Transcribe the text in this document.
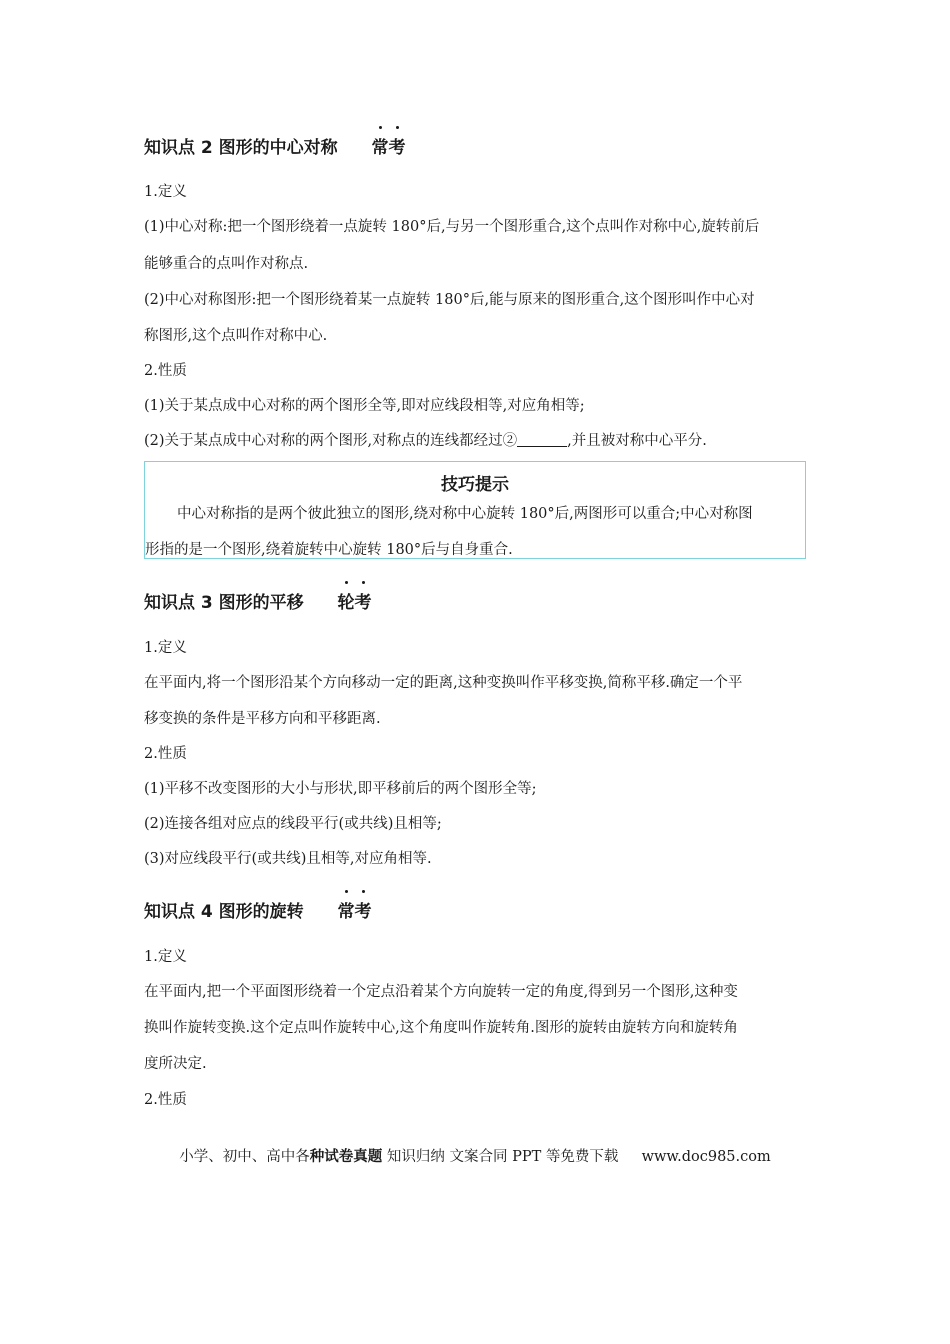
知识点 2 图形的中心对称 常考
1.定义
(1)中心对称:把一个图形绕着一点旋转 180°后,与另一个图形重合,这个点叫作对称中心,旋转前后
能够重合的点叫作对称点.
(2)中心对称图形:把一个图形绕着某一点旋转 180°后,能与原来的图形重合,这个图形叫作中心对
称图形,这个点叫作对称中心.
2.性质
(1)关于某点成中心对称的两个图形全等,即对应线段相等,对应角相等;
(2)关于某点成中心对称的两个图形,对称点的连线都经过②	,并且被对称中心平分.
技巧提示
中心对称指的是两个彼此独立的图形,绕对称中心旋转 180°后,两图形可以重合;中心对称图
形指的是一个图形,绕着旋转中心旋转 180°后与自身重合.
知识点 3 图形的平移 轮考
1.定义
在平面内,将一个图形沿某个方向移动一定的距离,这种变换叫作平移变换,简称平移.确定一个平
移变换的条件是平移方向和平移距离.
2.性质
(1)平移不改变图形的大小与形状,即平移前后的两个图形全等;
(2)连接各组对应点的线段平行(或共线)且相等;
(3)对应线段平行(或共线)且相等,对应角相等.
知识点 4 图形的旋转 常考
1.定义
在平面内,把一个平面图形绕着一个定点沿着某个方向旋转一定的角度,得到另一个图形,这种变
换叫作旋转变换.这个定点叫作旋转中心,这个角度叫作旋转角.图形的旋转由旋转方向和旋转角
度所决定.
2.性质
小学、初中、高中各种试卷真题 知识归纳 文案合同 PPT 等免费下载 www.doc985.com
